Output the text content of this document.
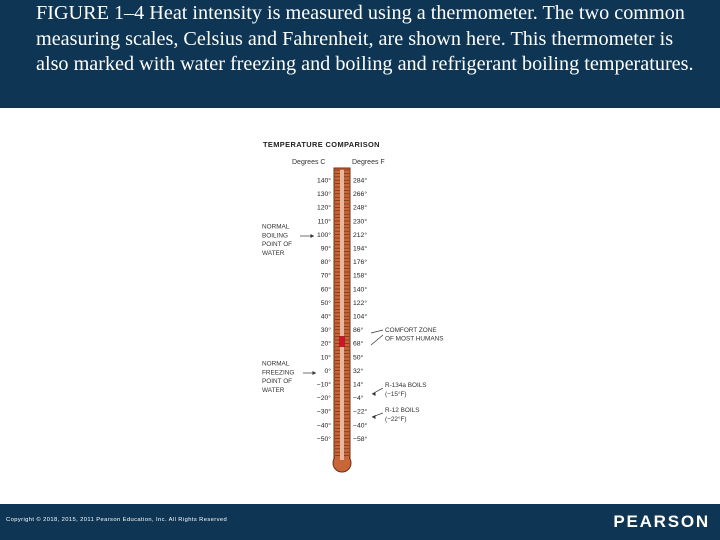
FIGURE 1–4 Heat intensity is measured using a thermometer. The two common measuring scales, Celsius and Fahrenheit, are shown here. This thermometer is also marked with water freezing and boiling and refrigerant boiling temperatures.

TEMPERATURE COMPARISON
Degrees C	Degrees F
140°	284°
130°	266°
120°	248°
110°	230°
100°	212°
90°	194°
80°	176°
70°	158°
60°	140°
50°	122°
40°	104°
30°	86°
20°	68°
10°	50°
0°	32°
−10°	14°
−20°	−4°
−30°	−22°
−40°	−40°
−50°	−58°
NORMAL BOILING POINT OF WATER
NORMAL FREEZING POINT OF WATER
COMFORT ZONE OF MOST HUMANS
R-134a BOILS (−15°F)
R-12 BOILS (−22°F)
Copyright © 2018, 2015, 2011 Pearson Education, Inc. All Rights Reserved	PEARSON
